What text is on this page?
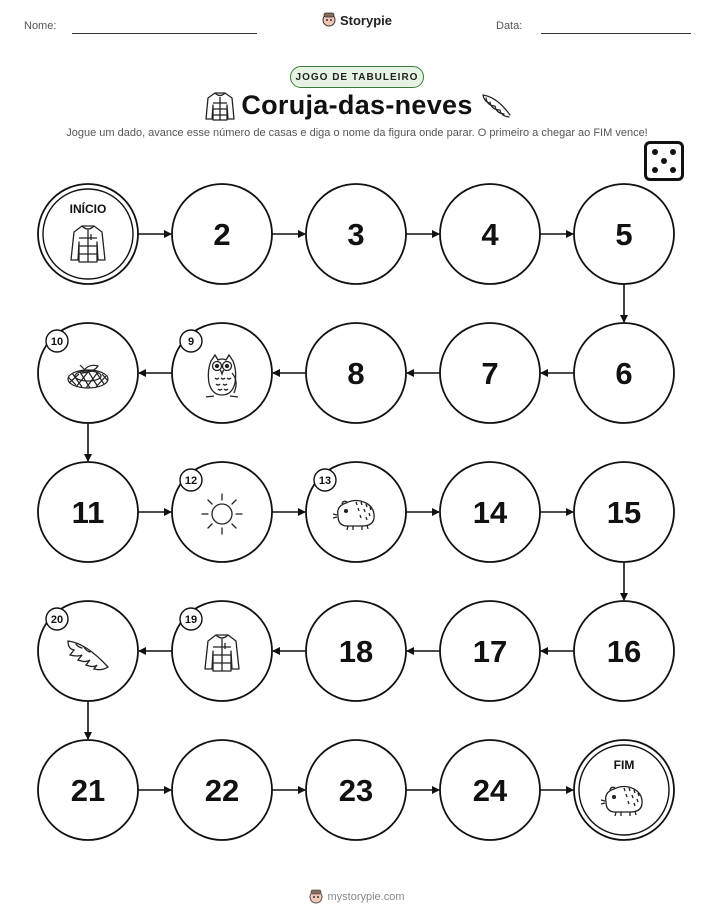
Nome:	Storypie	Data:
JOGO DE TABULEIRO
Coruja-das-neves
Jogue um dado, avance esse número de casas e diga o nome da figura onde parar. O primeiro a chegar ao FIM vence!
INÍCIO
2	3	4	5
6
7
8
9
10
11
12	13
14	15
16
17
18
19
20
21	22	23	24
FIM
mystorypie.com
